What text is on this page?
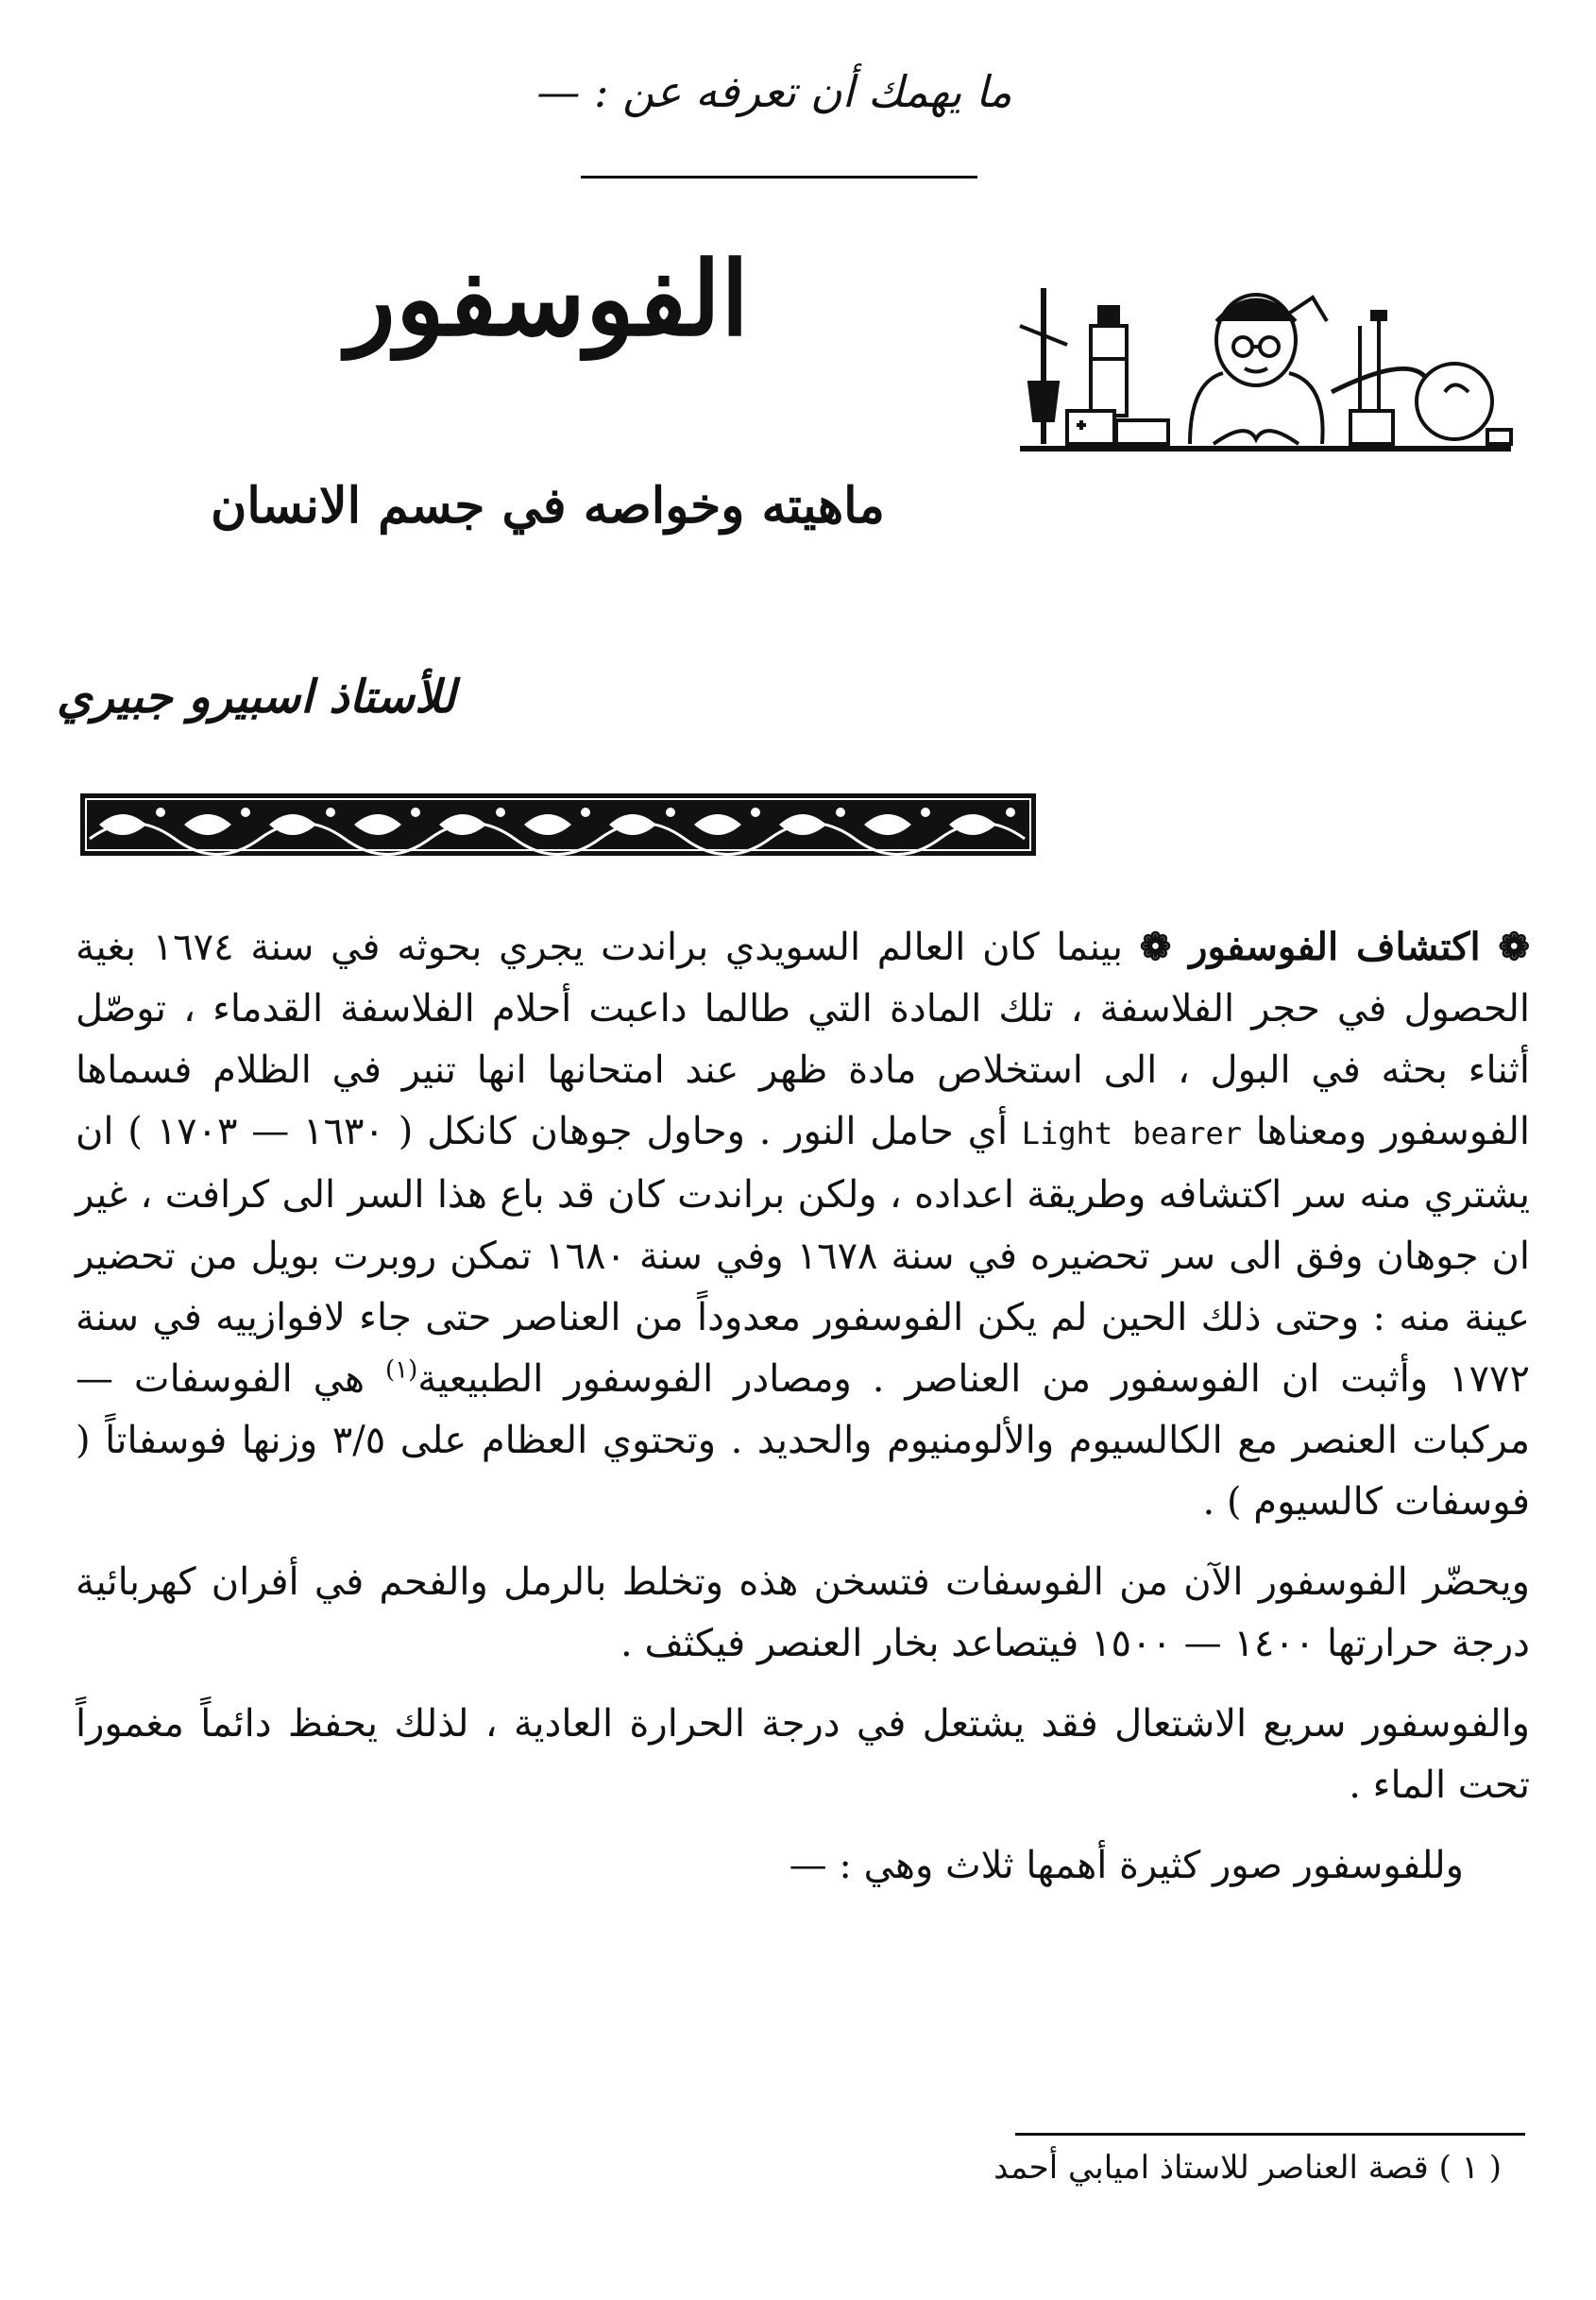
ما يهمك أن تعرفه عن : —
الفوسفور
ماهيته وخواصه في جسم الانسان
للأستاذ اسبيرو جبيري

❁ اكتشاف الفوسفور ❁ بينما كان العالم السويدي براندت يجري بحوثه في سنة ١٦٧٤ بغية الحصول في حجر الفلاسفة ، تلك المادة التي طالما داعبت أحلام الفلاسفة القدماء ، توصّل أثناء بحثه في البول ، الى استخلاص مادة ظهر عند امتحانها انها تنير في الظلام فسماها الفوسفور ومعناها Light bearer أي حامل النور . وحاول جوهان كانكل ( ١٦٣٠ — ١٧٠٣ ) ان يشتري منه سر اكتشافه وطريقة اعداده ، ولكن براندت كان قد باع هذا السر الى كرافت ، غير ان جوهان وفق الى سر تحضيره في سنة ١٦٧٨ وفي سنة ١٦٨٠ تمكن روبرت بويل من تحضير عينة منه : وحتى ذلك الحين لم يكن الفوسفور معدوداً من العناصر حتى جاء لافوازييه في سنة ١٧٧٢ وأثبت ان الفوسفور من العناصر . ومصادر الفوسفور الطبيعية$^{(١)}$ هي الفوسفات — مركبات العنصر مع الكالسيوم والألومنيوم والحديد . وتحتوي العظام على ٣/٥ وزنها فوسفاتاً ( فوسفات كالسيوم ) .

ويحضّر الفوسفور الآن من الفوسفات فتسخن هذه وتخلط بالرمل والفحم في أفران كهربائية درجة حرارتها ١٤٠٠ — ١٥٠٠ فيتصاعد بخار العنصر فيكثف .

والفوسفور سريع الاشتعال فقد يشتعل في درجة الحرارة العادية ، لذلك يحفظ دائماً مغموراً تحت الماء .

وللفوسفور صور كثيرة أهمها ثلاث وهي : —

( ١ ) قصة العناصر للاستاذ اميابي أحمد
